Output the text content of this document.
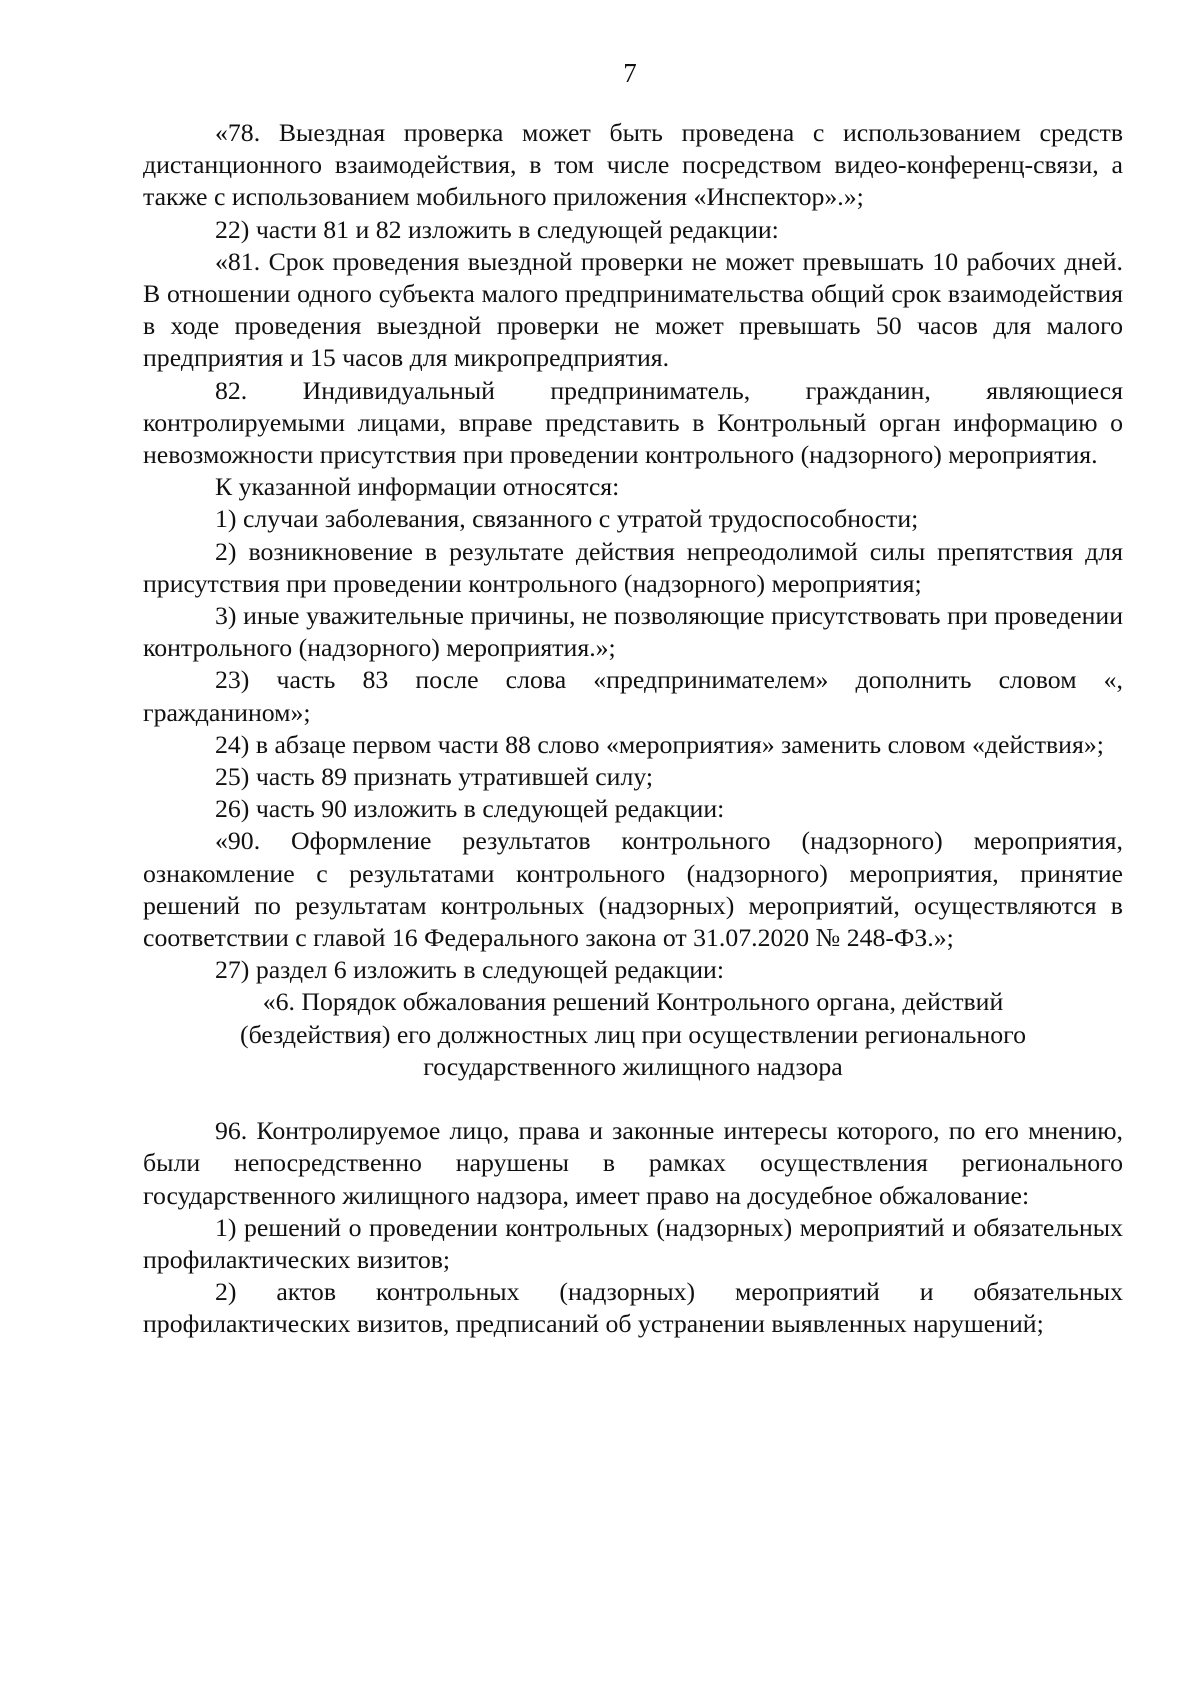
7

«78. Выездная проверка может быть проведена с использованием средств дистанционного взаимодействия, в том числе посредством видео-конференц-связи, а также с использованием мобильного приложения «Инспектор».»;

22) части 81 и 82 изложить в следующей редакции:

«81. Срок проведения выездной проверки не может превышать 10 рабочих дней. В отношении одного субъекта малого предпринимательства общий срок взаимодействия в ходе проведения выездной проверки не может превышать 50 часов для малого предприятия и 15 часов для микропредприятия.

82. Индивидуальный предприниматель, гражданин, являющиеся контролируемыми лицами, вправе представить в Контрольный орган информацию о невозможности присутствия при проведении контрольного (надзорного) мероприятия.

К указанной информации относятся:

1) случаи заболевания, связанного с утратой трудоспособности;

2) возникновение в результате действия непреодолимой силы препятствия для присутствия при проведении контрольного (надзорного) мероприятия;

3) иные уважительные причины, не позволяющие присутствовать при проведении контрольного (надзорного) мероприятия.»;

23) часть 83 после слова «предпринимателем» дополнить словом «, гражданином»;

24) в абзаце первом части 88 слово «мероприятия» заменить словом «действия»;

25) часть 89 признать утратившей силу;

26) часть 90 изложить в следующей редакции:

«90. Оформление результатов контрольного (надзорного) мероприятия, ознакомление с результатами контрольного (надзорного) мероприятия, принятие решений по результатам контрольных (надзорных) мероприятий, осуществляются в соответствии с главой 16 Федерального закона от 31.07.2020 № 248-ФЗ.»;

27) раздел 6 изложить в следующей редакции:

«6. Порядок обжалования решений Контрольного органа, действий
(бездействия) его должностных лиц при осуществлении регионального
государственного жилищного надзора

96. Контролируемое лицо, права и законные интересы которого, по его мнению, были непосредственно нарушены в рамках осуществления регионального государственного жилищного надзора, имеет право на досудебное обжалование:

1) решений о проведении контрольных (надзорных) мероприятий и обязательных профилактических визитов;

2) актов контрольных (надзорных) мероприятий и обязательных профилактических визитов, предписаний об устранении выявленных нарушений;
